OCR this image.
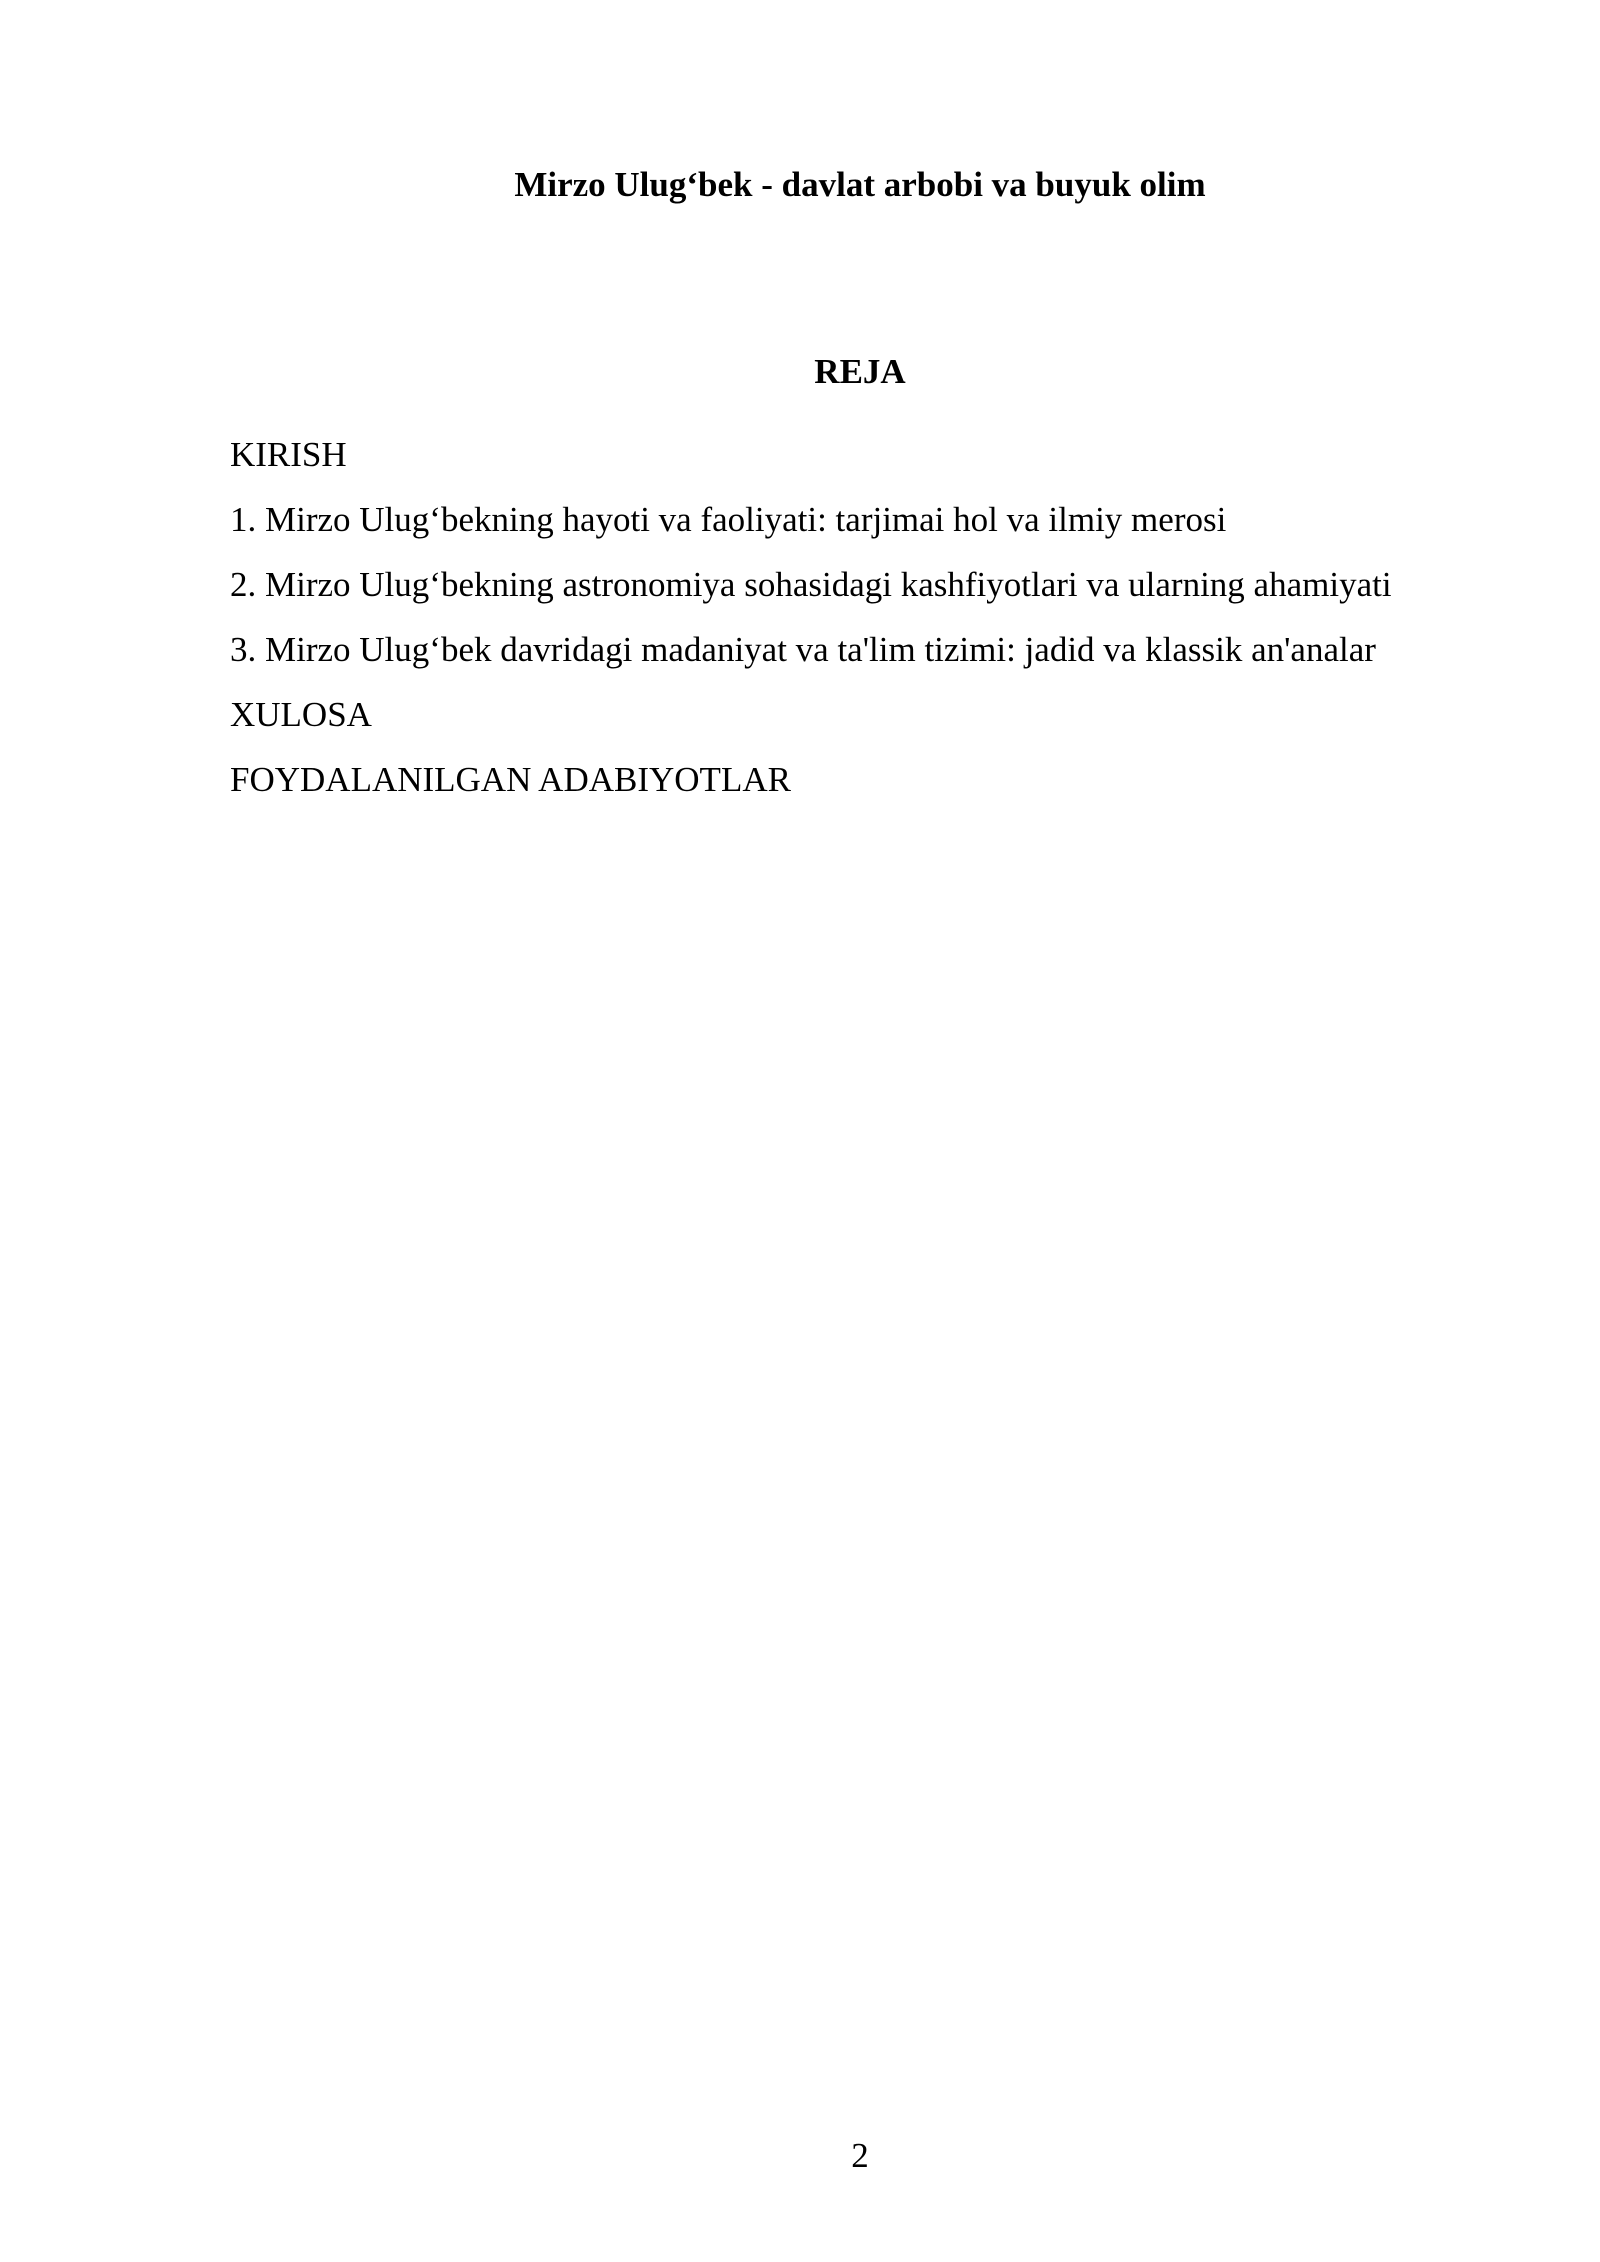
Mirzo Ulug‘bek - davlat arbobi va buyuk olim
REJA
KIRISH
1. Mirzo Ulug‘bekning hayoti va faoliyati: tarjimai hol va ilmiy merosi
2. Mirzo Ulug‘bekning astronomiya sohasidagi kashfiyotlari va ularning ahamiyati
3. Mirzo Ulug‘bek davridagi madaniyat va ta'lim tizimi: jadid va klassik an'analar
XULOSA
FOYDALANILGAN ADABIYOTLAR
2
